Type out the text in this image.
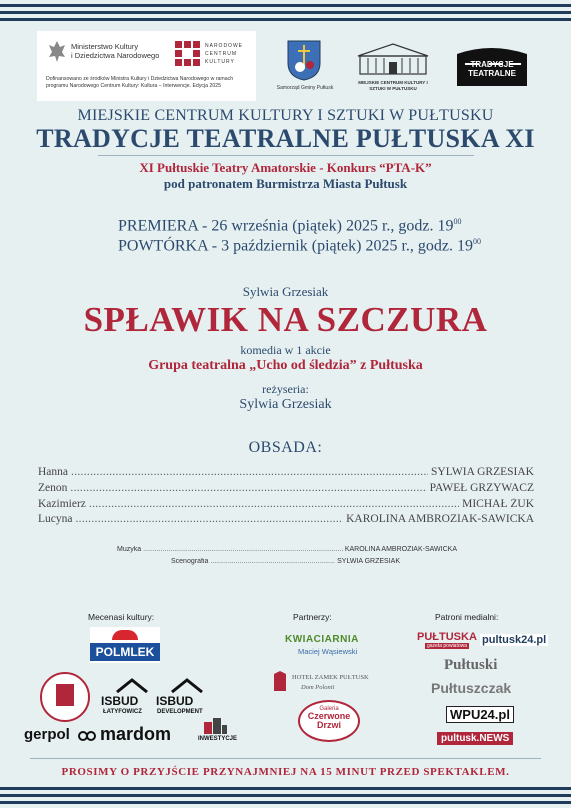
Ministerstwo Kultury
i Dziedzictwa Narodowego
NARODOWE
CENTRUM
KULTURY
Dofinansowano ze środków Ministra Kultury i Dziedzictwa Narodowego w ramach programu Narodowego Centrum Kultury: Kultura – Interwencje. Edycja 2025	Samorząd Gminy Pułtusk
MIEJSKIE CENTRUM KULTURY I SZTUKI W PUŁTUSKU
TRADYCJE TEATRALNE
MIEJSKIE CENTRUM KULTURY I SZTUKI W PUŁTUSKU
TRADYCJE TEATRALNE PUŁTUSKA XI
XI Pułtuskie Teatry Amatorskie - Konkurs “PTA-K”
pod patronatem Burmistrza Miasta Pułtusk
PREMIERA - 26 września (piątek) 2025 r., godz. $19^{00}$
POWTÓRKA - 3 październik (piątek) 2025 r., godz. $19^{00}$
Sylwia Grzesiak
SPŁAWIK NA SZCZURA
komedia w 1 akcie
Grupa teatralna „Ucho od śledzia” z Pułtuska
reżyseria:
Sylwia Grzesiak
OBSADA:
Hanna .....	SYLWIA GRZESIAK
Zenon .....	PAWEŁ GRZYWACZ
Kazimierz .....	MICHAŁ ŻUK
Lucyna .....	KAROLINA AMBROZIAK-SAWICKA
Muzyka .....	KAROLINA AMBROZIAK-SAWICKA
Scenografia .....	SYLWIA GRZESIAK
Mecenasi kultury:	Partnerzy:	Patroni medialni:
POLMLEK
ISBUD
ŁATYFOWICZ
ISBUD
DEVELOPMENT
gerpol mardom	INWESTYCJE
KWIACIARNIA
Maciej Wąsiewski
HOTEL ZAMEK PUŁTUSK
Dom Polonii
Galeria
Czerwone
Drzwi
PUŁTUSKA
gazeta powiatowa pultusk24.pl
Pułtuski
Pułtuszczak
WPU24.pl
pultusk.NEWS
PROSIMY O PRZYJŚCIE PRZYNAJMNIEJ NA 15 MINUT PRZED SPEKTAKLEM.
